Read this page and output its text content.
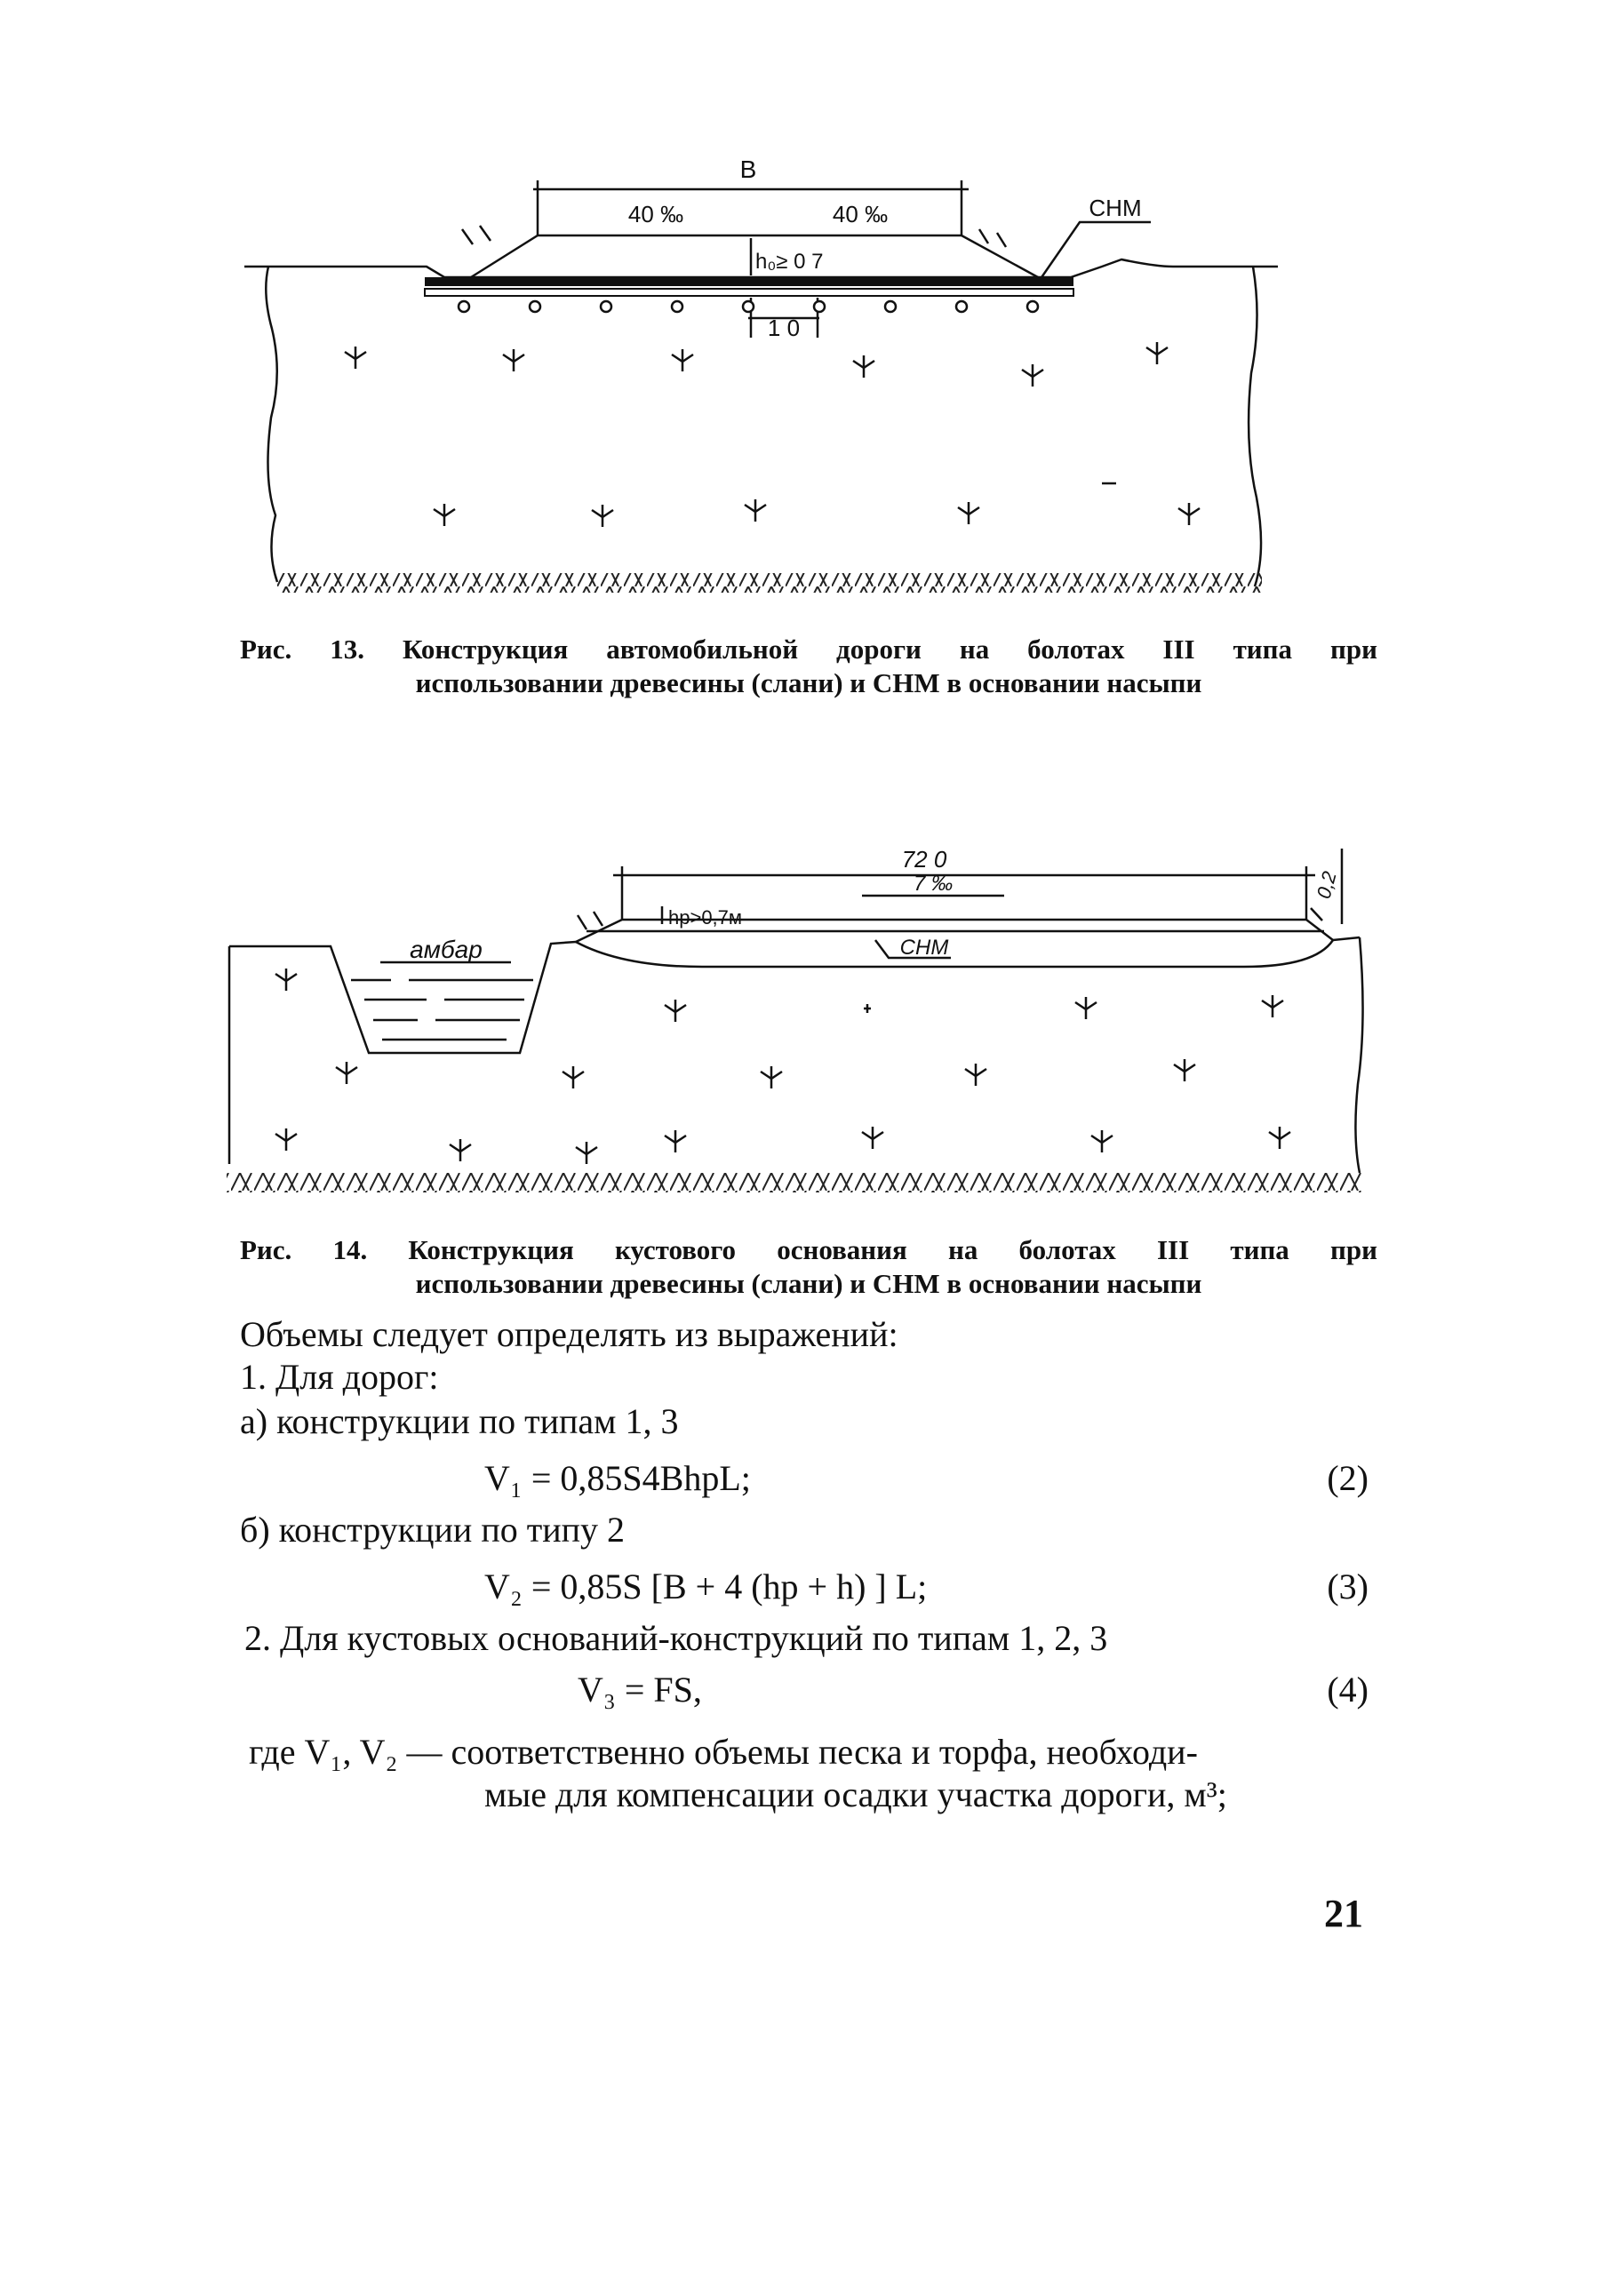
В
40 ‰	40 ‰	СНМ
h₀≥ 0 7
1 0
Рис. 13. Конструкция автомобильной дороги на болотах III типа при
использовании древесины (слани) и СНМ в основании насыпи
72 0
7 ‰
hр>0,7м
СНМ
амбар
0,2
Рис. 14. Конструкция кустового основания на болотах III типа при
использовании древесины (слани) и СНМ в основании насыпи
Объемы следует определять из выражений:
1. Для дорог:
а) конструкции по типам 1, 3
V₁ = 0,85S4BhрL;	(2)
б) конструкции по типу 2
V₂ = 0,85S [B + 4 (hр + h) ] L;	(3)
2. Для кустовых оснований-конструкций по типам 1, 2, 3
V₃ = FS,	(4)
где V₁, V₂ — соответственно объемы песка и торфа, необходи-
мые для компенсации осадки участка дороги, м³;
21
